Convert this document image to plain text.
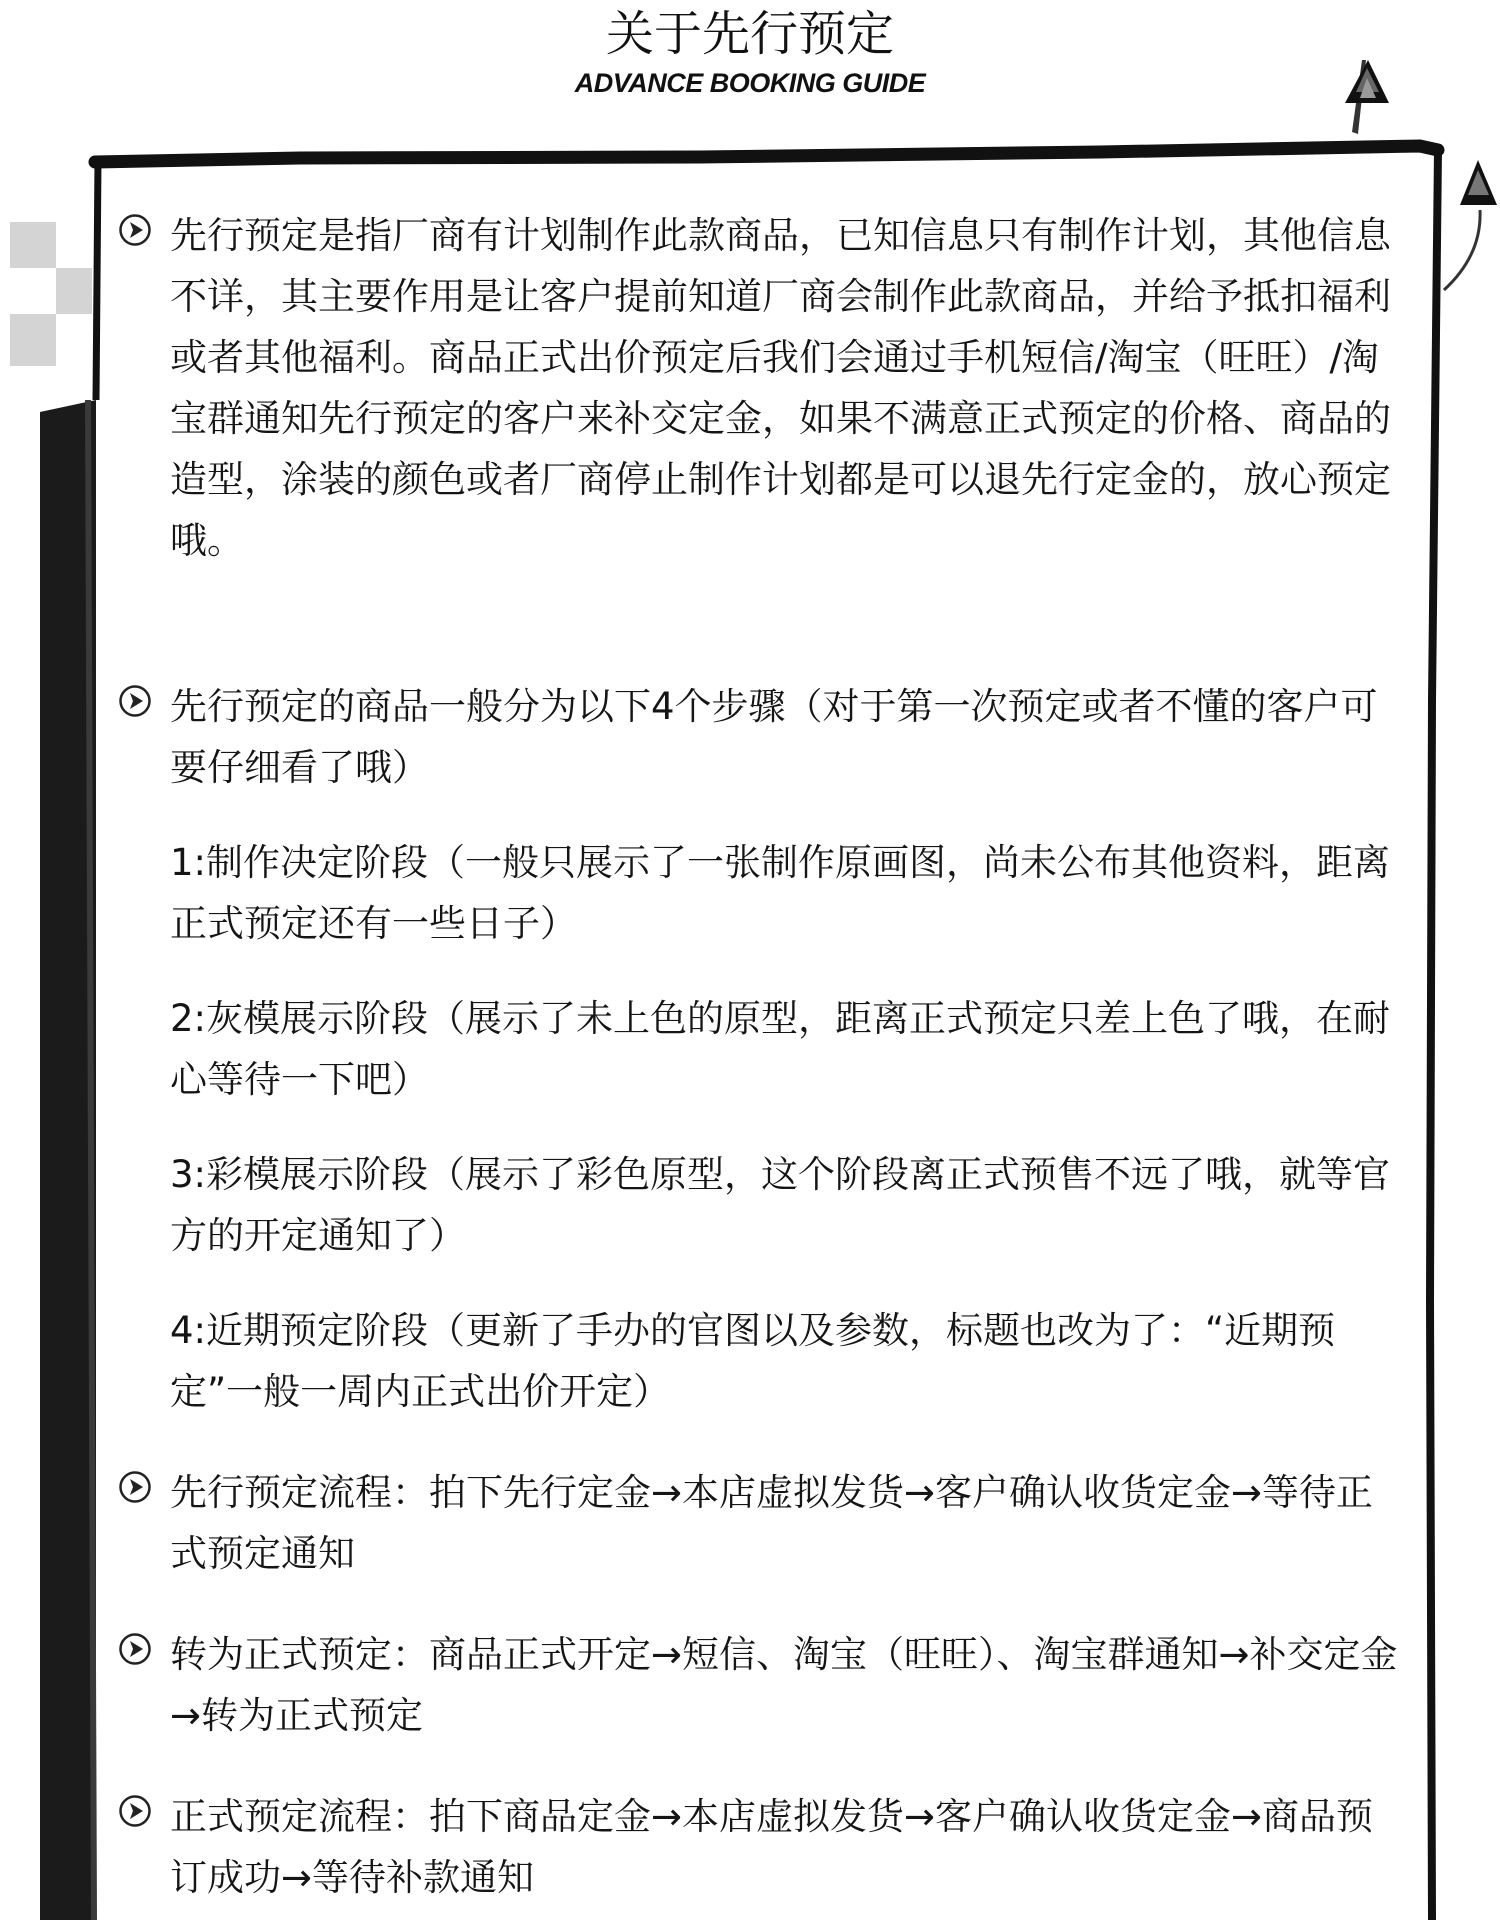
关于先行预定
ADVANCE BOOKING GUIDE

先行预定是指厂商有计划制作此款商品，已知信息只有制作计划，其他信息不详，其主要作用是让客户提前知道厂商会制作此款商品，并给予抵扣福利或者其他福利。商品正式出价预定后我们会通过手机短信/淘宝（旺旺）/淘宝群通知先行预定的客户来补交定金，如果不满意正式预定的价格、商品的造型，涂装的颜色或者厂商停止制作计划都是可以退先行定金的，放心预定哦。

先行预定的商品一般分为以下4个步骤（对于第一次预定或者不懂的客户可要仔细看了哦）

1:制作决定阶段（一般只展示了一张制作原画图，尚未公布其他资料，距离正式预定还有一些日子）

2:灰模展示阶段（展示了未上色的原型，距离正式预定只差上色了哦，在耐心等待一下吧）

3:彩模展示阶段（展示了彩色原型，这个阶段离正式预售不远了哦，就等官方的开定通知了）

4:近期预定阶段（更新了手办的官图以及参数，标题也改为了：“近期预定”一般一周内正式出价开定）

先行预定流程：拍下先行定金→本店虚拟发货→客户确认收货定金→等待正式预定通知

转为正式预定：商品正式开定→短信、淘宝（旺旺）、淘宝群通知→补交定金→转为正式预定

正式预定流程：拍下商品定金→本店虚拟发货→客户确认收货定金→商品预订成功→等待补款通知
